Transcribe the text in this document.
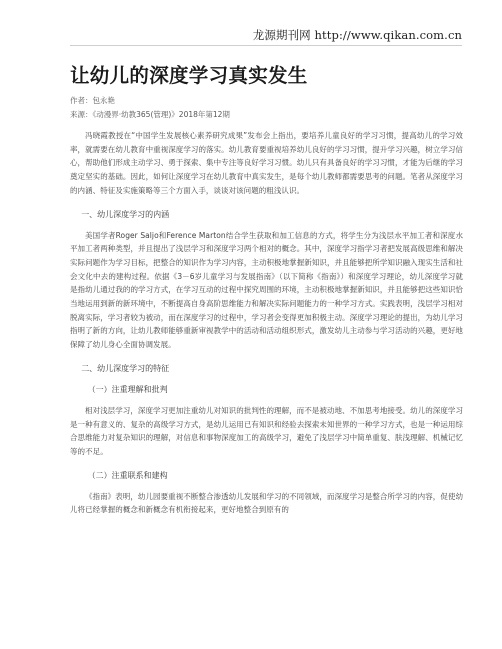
龙源期刊网 http://www.qikan.com.cn
让幼儿的深度学习真实发生
作者：包永艳
来源：《动漫界·幼教365(管理)》2018年第12期

冯晓霞教授在“中国学生发展核心素养研究成果”发布会上指出，要培养儿童良好的学习习惯，提高幼儿的学习效率，就需要在幼儿教育中重视深度学习的落实。幼儿教育要重视培养幼儿良好的学习习惯，提升学习兴趣，树立学习信心，帮助他们形成主动学习、勇于探索、集中专注等良好学习习惯。幼儿只有具备良好的学习习惯，才能为后继的学习奠定坚实的基础。因此，如何让深度学习在幼儿教育中真实发生，是每个幼儿教师都需要思考的问题。笔者从深度学习的内涵、特征及实施策略等三个方面入手，谈谈对该问题的粗浅认识。

一、幼儿深度学习的内涵

美国学者Roger Saljo和Ference Marton结合学生获取和加工信息的方式，将学生分为浅层水平加工者和深度水平加工者两种类型，并且提出了浅层学习和深度学习两个相对的概念。其中，深度学习指学习者把发展高级思维和解决实际问题作为学习目标，把整合的知识作为学习内容，主动积极地掌握新知识，并且能够把所学知识融入现实生活和社会文化中去的建构过程。依据《3－6岁儿童学习与发展指南》（以下简称《指南》）和深度学习理论，幼儿深度学习就是指幼儿通过我的的学习方式，在学习互动的过程中探究周围的环境，主动积极地掌握新知识，并且能够把这些知识恰当地运用到新的新环境中，不断提高自身高阶思维能力和解决实际问题能力的一种学习方式。实践表明，浅层学习相对脱离实际，学习者较为被动，而在深度学习的过程中，学习者会变得更加积极主动。深度学习理论的提出，为幼儿学习指明了新的方向，让幼儿教师能够重新审视教学中的活动和活动组织形式，激发幼儿主动参与学习活动的兴趣，更好地保障了幼儿身心全面协调发展。

二、幼儿深度学习的特征

（一）注重理解和批判

相对浅层学习，深度学习更加注重幼儿对知识的批判性的理解，而不是被动地、不加思考地接受。幼儿的深度学习是一种有意义的、复杂的高级学习方式，是幼儿运用已有知识和经验去探索未知世界的一种学习方式，也是一种运用综合思维能力对复杂知识的理解，对信息和事物深度加工的高级学习，避免了浅层学习中简单重复、肤浅理解、机械记忆等的不足。

（二）注重联系和建构

《指南》表明，幼儿园要重视不断整合渗透幼儿发展和学习的不同领域，而深度学习是整合所学习的内容，促使幼儿将已经掌握的概念和新概念有机衔接起来，更好地整合到原有的
